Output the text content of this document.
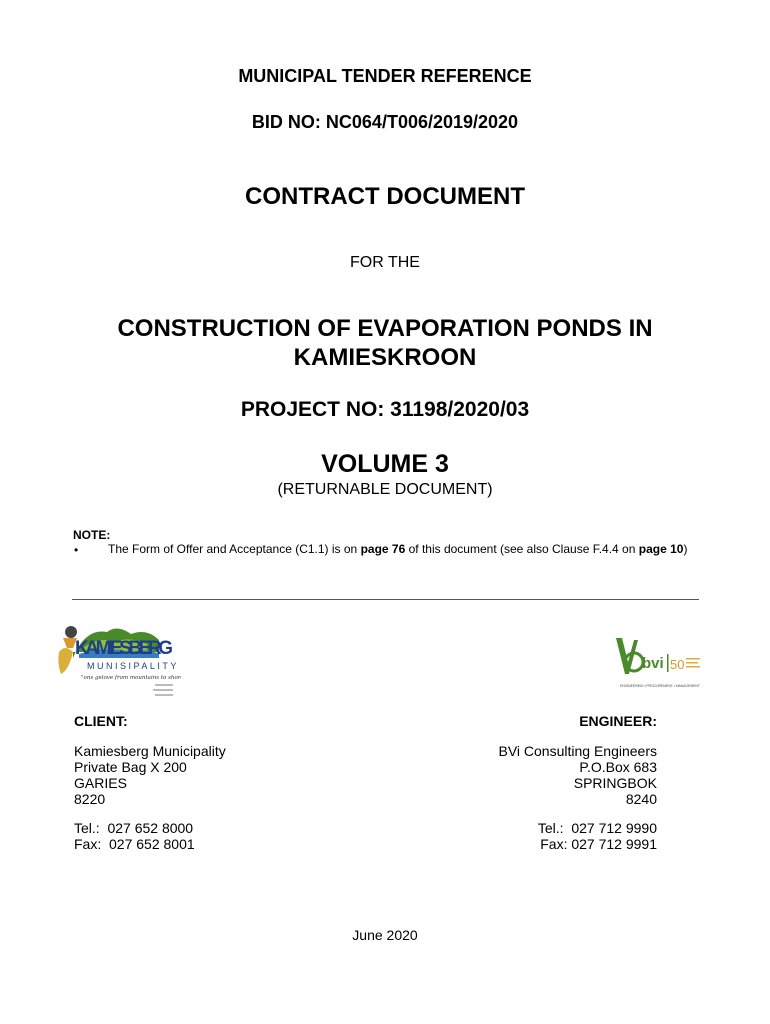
MUNICIPAL TENDER REFERENCE
BID NO: NC064/T006/2019/2020
CONTRACT DOCUMENT
FOR THE
CONSTRUCTION OF EVAPORATION PONDS IN
KAMIESKROON
PROJECT NO: 31198/2020/03
VOLUME 3
(RETURNABLE DOCUMENT)
NOTE:
• The Form of Offer and Acceptance (C1.1) is on page 76 of this document (see also Clause F.4.4 on page 10)
KAMIESBERG
MUNISIPALITY
"ons gelove from mountains to shore"
bvi 50
ENGINEERING • PROCUREMENT • MANAGEMENT
CLIENT:	ENGINEER:
Kamiesberg Municipality
Private Bag X 200
GARIES
8220
BVi Consulting Engineers
P.O.Box 683
SPRINGBOK
8240
Tel.:  027 652 8000
Fax:  027 652 8001
Tel.:  027 712 9990
Fax: 027 712 9991
June 2020
